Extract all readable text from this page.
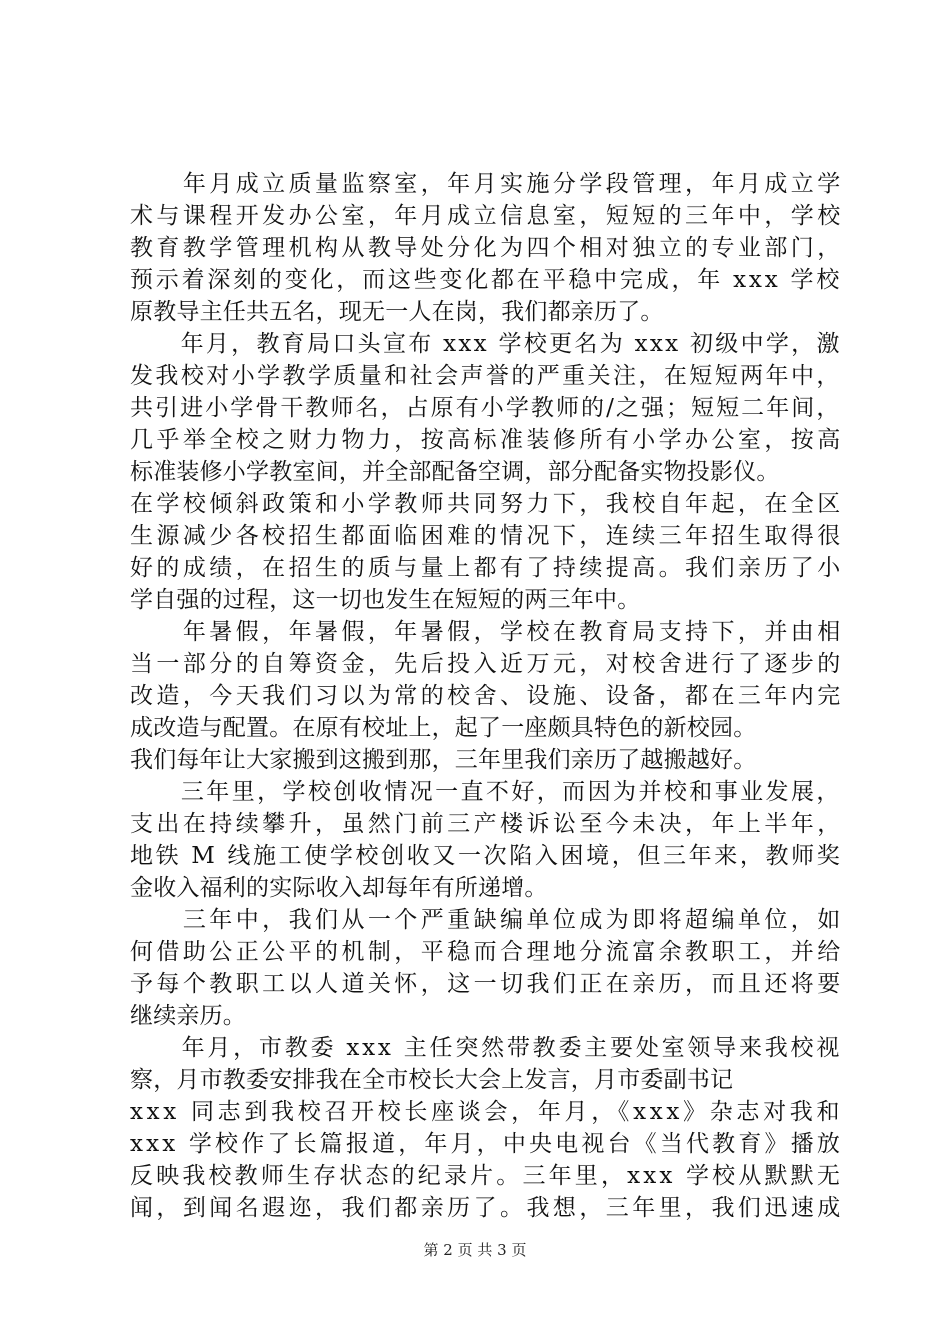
　　年月成立质量监察室，年月实施分学段管理，年月成立学
术与课程开发办公室，年月成立信息室，短短的三年中，学校
教育教学管理机构从教导处分化为四个相对独立的专业部门，
预示着深刻的变化，而这些变化都在平稳中完成，年 xxx 学校
原教导主任共五名，现无一人在岗，我们都亲历了。
　　年月，教育局口头宣布 xxx 学校更名为 xxx 初级中学，激
发我校对小学教学质量和社会声誉的严重关注，在短短两年中，
共引进小学骨干教师名，占原有小学教师的/之强；短短二年间，
几乎举全校之财力物力，按高标准装修所有小学办公室，按高
标准装修小学教室间，并全部配备空调，部分配备实物投影仪。
在学校倾斜政策和小学教师共同努力下，我校自年起，在全区
生源减少各校招生都面临困难的情况下，连续三年招生取得很
好的成绩，在招生的质与量上都有了持续提高。我们亲历了小
学自强的过程，这一切也发生在短短的两三年中。
　　年暑假，年暑假，年暑假，学校在教育局支持下，并由相
当一部分的自筹资金，先后投入近万元，对校舍进行了逐步的
改造，今天我们习以为常的校舍、设施、设备，都在三年内完
成改造与配置。在原有校址上，起了一座颇具特色的新校园。
我们每年让大家搬到这搬到那，三年里我们亲历了越搬越好。
　　三年里，学校创收情况一直不好，而因为并校和事业发展，
支出在持续攀升，虽然门前三产楼诉讼至今未决，年上半年，
地铁 M 线施工使学校创收又一次陷入困境，但三年来，教师奖
金收入福利的实际收入却每年有所递增。
　　三年中，我们从一个严重缺编单位成为即将超编单位，如
何借助公正公平的机制，平稳而合理地分流富余教职工，并给
予每个教职工以人道关怀，这一切我们正在亲历，而且还将要
继续亲历。
　　年月，市教委 xxx 主任突然带教委主要处室领导来我校视
察，月市教委安排我在全市校长大会上发言，月市委副书记
xxx 同志到我校召开校长座谈会，年月，《xxx》杂志对我和
xxx 学校作了长篇报道，年月，中央电视台《当代教育》播放
反映我校教师生存状态的纪录片。三年里，xxx 学校从默默无
闻，到闻名遐迩，我们都亲历了。我想，三年里，我们迅速成
第 2 页 共 3 页
